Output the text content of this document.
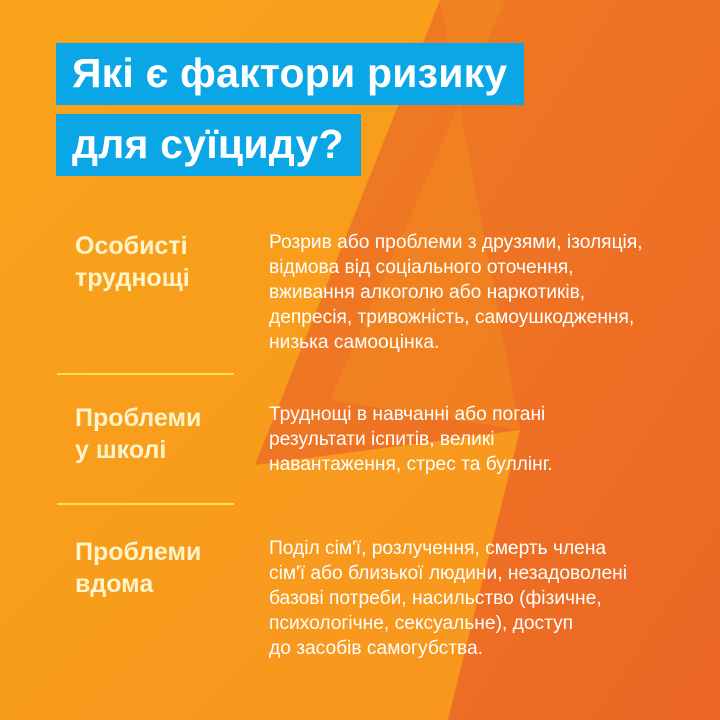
Які є фактори ризику
для суїциду?
Особисті
труднощі
Розрив або проблеми з друзями, ізоляція,
відмова від соціального оточення,
вживання алкоголю або наркотиків,
депресія, тривожність, самоушкодження,
низька самооцінка.
Проблеми
у школі
Труднощі в навчанні або погані
результати іспитів, великі
навантаження, стрес та буллінг.
Проблеми
вдома
Поділ сім'ї, розлучення, смерть члена
сім'ї або близької людини, незадоволені
базові потреби, насильство (фізичне,
психологічне, сексуальне), доступ
до засобів самогубства.
